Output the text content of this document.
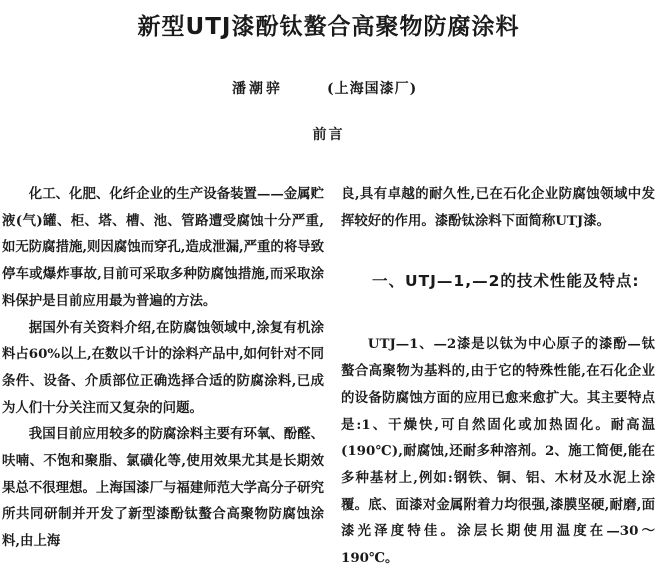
新型UTJ漆酚钛螯合高聚物防腐涂料
潘潮骍	(上海国漆厂)
前言

化工、化肥、化纤企业的生产设备装置——金属贮液(气)罐、柜、塔、槽、池、管路遭受腐蚀十分严重,如无防腐措施,则因腐蚀而穿孔,造成泄漏,严重的将导致停车或爆炸事故,目前可采取多种防腐蚀措施,而采取涂料保护是目前应用最为普遍的方法。

据国外有关资料介绍,在防腐蚀领域中,涂复有机涂料占60%以上,在数以千计的涂料产品中,如何针对不同条件、设备、介质部位正确选择合适的防腐涂料,已成为人们十分关注而又复杂的问题。

我国目前应用较多的防腐涂料主要有环氧、酚醛、呋喃、不饱和聚脂、氯磺化等,使用效果尤其是长期效果总不很理想。上海国漆厂与福建师范大学高分子研究所共同研制并开发了新型漆酚钛螯合高聚物防腐蚀涂料,由上海

良,具有卓越的耐久性,已在石化企业防腐蚀领域中发挥较好的作用。漆酚钛涂料下面简称UTJ漆。

一、UTJ—1,—2的技术性能及特点:

UTJ—1、—2漆是以钛为中心原子的漆酚—钛螯合高聚物为基料的,由于它的特殊性能,在石化企业的设备防腐蚀方面的应用已愈来愈扩大。其主要特点是:1、干燥快,可自然固化或加热固化。耐高温(190℃),耐腐蚀,还耐多种溶剂。2、施工简便,能在多种基材上,例如:钢铁、铜、铝、木材及水泥上涂覆。底、面漆对金属附着力均很强,漆膜坚硬,耐磨,面漆光泽度特佳。涂层长期使用温度在—30～190℃。
